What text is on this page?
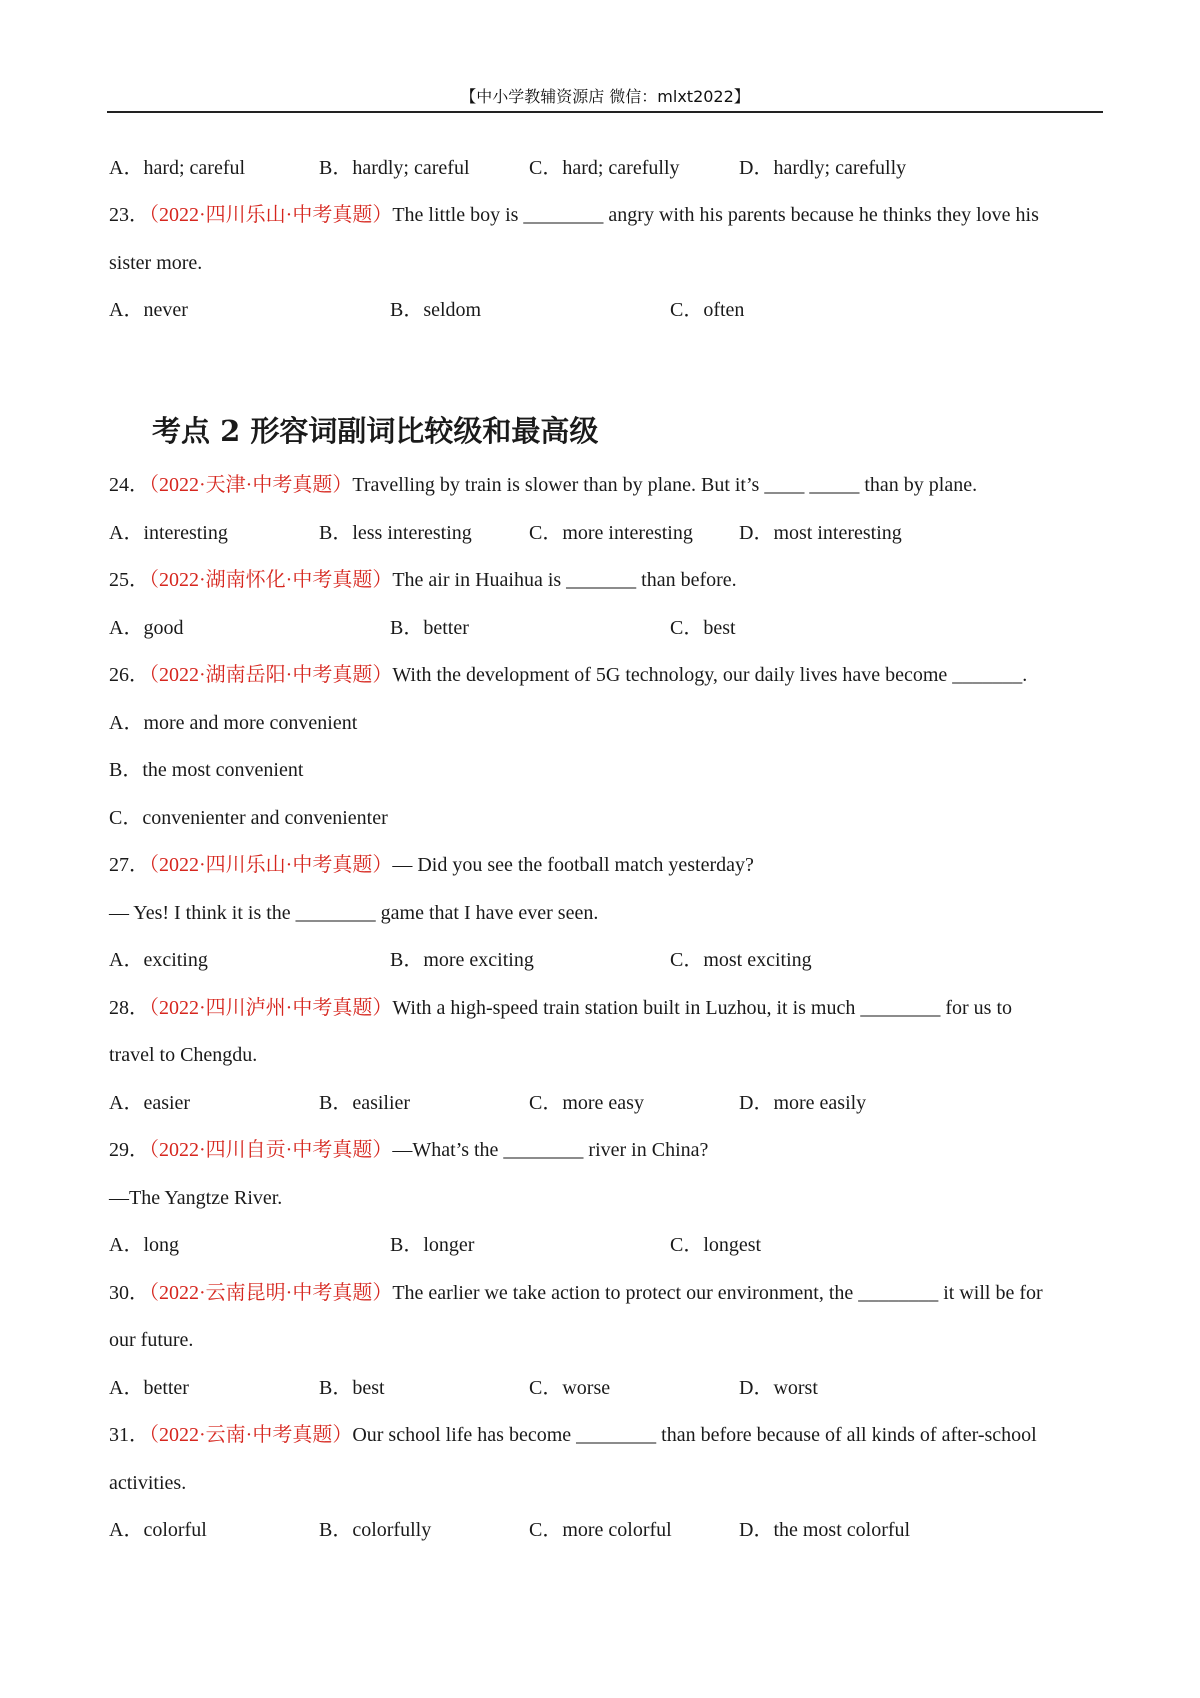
【中小学教辅资源店 微信：mlxt2022】
A．hard; careful	B．hardly; careful	C．hard; carefully	D．hardly; carefully
23．（2022·四川乐山·中考真题）The little boy is ________ angry with his parents because he thinks they love his
sister more.
A．never	B．seldom	C．often
考点 2 形容词副词比较级和最高级
24．（2022·天津·中考真题）Travelling by train is slower than by plane. But it’s ____ _____ than by plane.
A．interesting	B．less interesting	C．more interesting D．most interesting
25．（2022·湖南怀化·中考真题）The air in Huaihua is _______ than before.
A．good	B．better	C．best
26．（2022·湖南岳阳·中考真题）With the development of 5G technology, our daily lives have become _______.
A．more and more convenient
B．the most convenient
C．convenienter and convenienter
27．（2022·四川乐山·中考真题）— Did you see the football match yesterday?
— Yes! I think it is the ________ game that I have ever seen.
A．exciting	B．more exciting	C．most exciting
28．（2022·四川泸州·中考真题）With a high-speed train station built in Luzhou, it is much ________ for us to
travel to Chengdu.
A．easier	B．easilier	C．more easy	D．more easily
29．（2022·四川自贡·中考真题）—What’s the ________ river in China?
—The Yangtze River.
A．long	B．longer	C．longest
30．（2022·云南昆明·中考真题）The earlier we take action to protect our environment, the ________ it will be for
our future.
A．better	B．best	C．worse	D．worst
31．（2022·云南·中考真题）Our school life has become ________ than before because of all kinds of after-school
activities.
A．colorful	B．colorfully	C．more colorful	D．the most colorful
